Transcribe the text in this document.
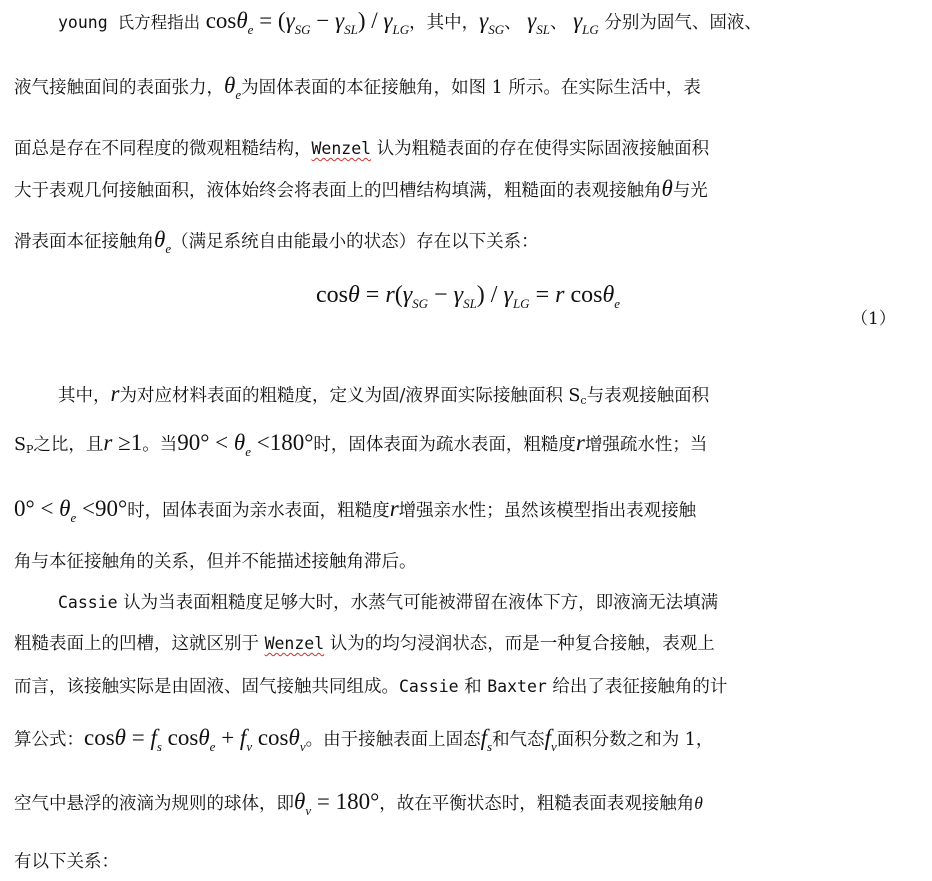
young 氏方程指出 $\cos\theta_e = (\gamma_{SG} - \gamma_{SL}) / \gamma_{LG}$，其中，$\gamma_{SG}$、 $\gamma_{SL}$、 $\gamma_{LG}$ 分别为固气、固液、
液气接触面间的表面张力，$\theta_e$为固体表面的本征接触角，如图 1 所示。在实际生活中，表
面总是存在不同程度的微观粗糙结构，Wenzel 认为粗糙表面的存在使得实际固液接触面积
大于表观几何接触面积，液体始终会将表面上的凹槽结构填满，粗糙面的表观接触角θ与光
滑表面本征接触角$\theta_e$（满足系统自由能最小的状态）存在以下关系：
$\cos\theta = r(\gamma_{SG} - \gamma_{SL}) / \gamma_{LG} = r$ cosθ$_e$
（1）
其中，r为对应材料表面的粗糙度，定义为固/液界面实际接触面积 Sc与表观接触面积
SP之比，且r ≥1。当$90^\circ < \theta_e <180^\circ$时，固体表面为疏水表面，粗糙度r增强疏水性；当
$0^\circ < \theta_e <90^\circ$时，固体表面为亲水表面，粗糙度r增强亲水性；虽然该模型指出表观接触
角与本征接触角的关系，但并不能描述接触角滞后。
Cassie 认为当表面粗糙度足够大时，水蒸气可能被滞留在液体下方，即液滴无法填满
粗糙表面上的凹槽，这就区别于 Wenzel 认为的均匀浸润状态，而是一种复合接触，表观上
而言，该接触实际是由固液、固气接触共同组成。Cassie 和 Baxter 给出了表征接触角的计
算公式：$\cos\theta = f_s$ $\cos\theta_e + f_v$ cosθ$_v$。由于接触表面上固态$f_s$和气态$f_v$面积分数之和为 1，
空气中悬浮的液滴为规则的球体，即$\theta_v = 180^\circ$，故在平衡状态时，粗糙表面表观接触角θ
有以下关系：
